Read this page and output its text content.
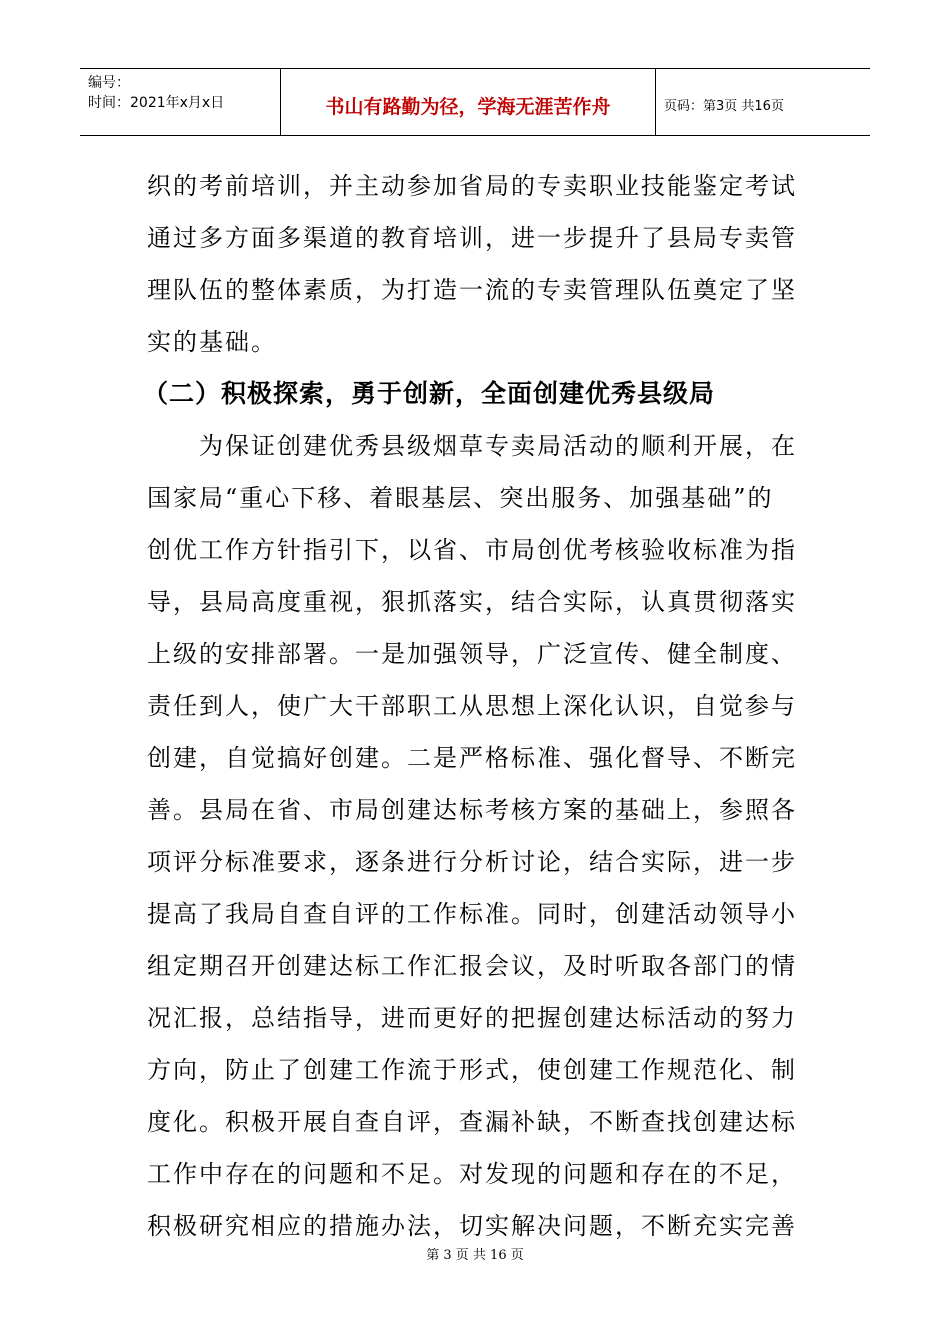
编号：
时间：2021年x月x日	书山有路勤为径，学海无涯苦作舟	页码：第3页 共16页
织的考前培训，并主动参加省局的专卖职业技能鉴定考试
通过多方面多渠道的教育培训，进一步提升了县局专卖管
理队伍的整体素质，为打造一流的专卖管理队伍奠定了坚
实的基础。
（二）积极探索，勇于创新，全面创建优秀县级局
　　为保证创建优秀县级烟草专卖局活动的顺利开展，在
国家局“重心下移、着眼基层、突出服务、加强基础”的
创优工作方针指引下，以省、市局创优考核验收标准为指
导，县局高度重视，狠抓落实，结合实际，认真贯彻落实
上级的安排部署。一是加强领导，广泛宣传、健全制度、
责任到人，使广大干部职工从思想上深化认识，自觉参与
创建，自觉搞好创建。二是严格标准、强化督导、不断完
善。县局在省、市局创建达标考核方案的基础上，参照各
项评分标准要求，逐条进行分析讨论，结合实际，进一步
提高了我局自查自评的工作标准。同时，创建活动领导小
组定期召开创建达标工作汇报会议，及时听取各部门的情
况汇报，总结指导，进而更好的把握创建达标活动的努力
方向，防止了创建工作流于形式，使创建工作规范化、制
度化。积极开展自查自评，查漏补缺，不断查找创建达标
工作中存在的问题和不足。对发现的问题和存在的不足，
积极研究相应的措施办法，切实解决问题，不断充实完善
第 3 页 共 16 页
